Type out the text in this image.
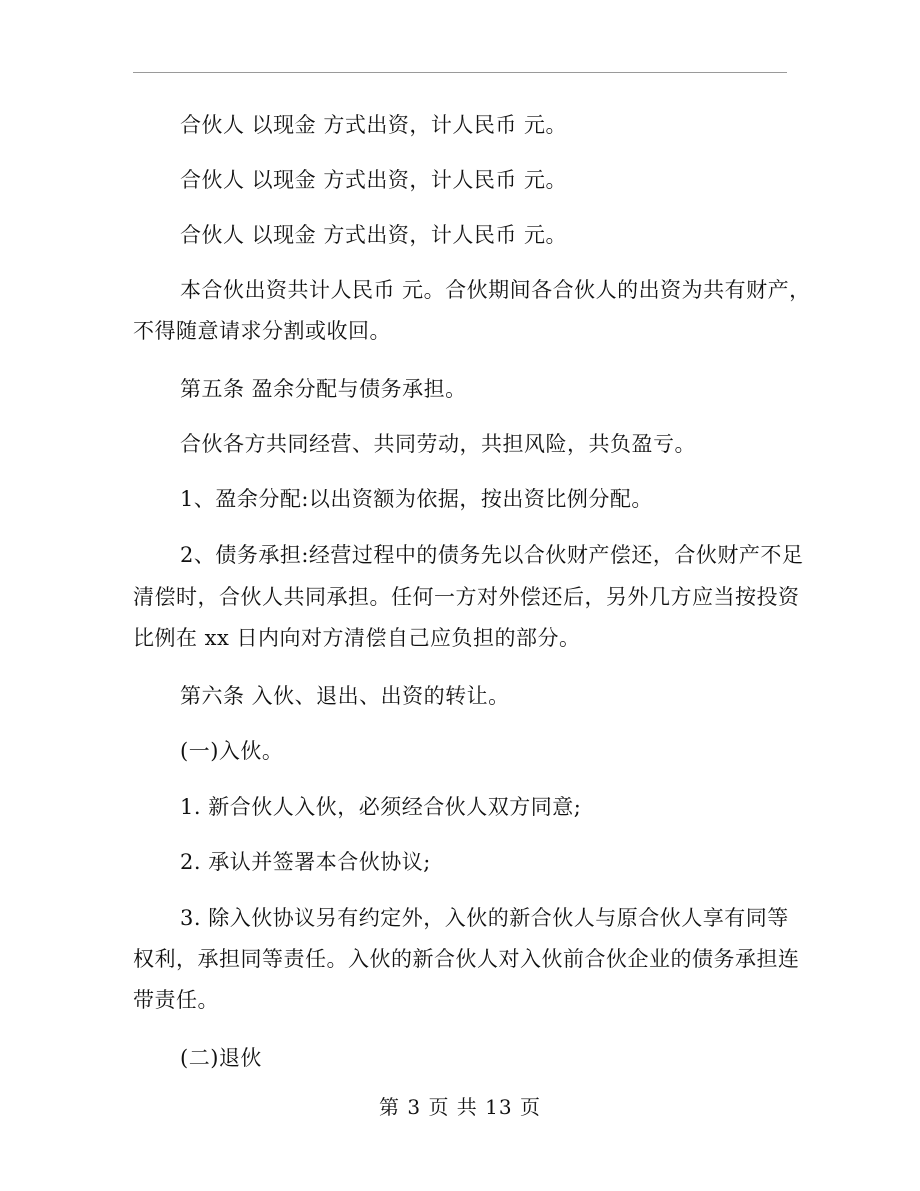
合伙人 以现金 方式出资，计人民币 元。
合伙人 以现金 方式出资，计人民币 元。
合伙人 以现金 方式出资，计人民币 元。
本合伙出资共计人民币 元。合伙期间各合伙人的出资为共有财产，
不得随意请求分割或收回。
第五条 盈余分配与债务承担。
合伙各方共同经营、共同劳动，共担风险，共负盈亏。
1、盈余分配:以出资额为依据，按出资比例分配。
2、债务承担:经营过程中的债务先以合伙财产偿还，合伙财产不足
清偿时，合伙人共同承担。任何一方对外偿还后，另外几方应当按投资
比例在 xx 日内向对方清偿自己应负担的部分。
第六条 入伙、退出、出资的转让。
(一)入伙。
1. 新合伙人入伙，必须经合伙人双方同意;
2. 承认并签署本合伙协议;
3. 除入伙协议另有约定外，入伙的新合伙人与原合伙人享有同等
权利，承担同等责任。入伙的新合伙人对入伙前合伙企业的债务承担连
带责任。
(二)退伙
第 3 页 共 13 页
